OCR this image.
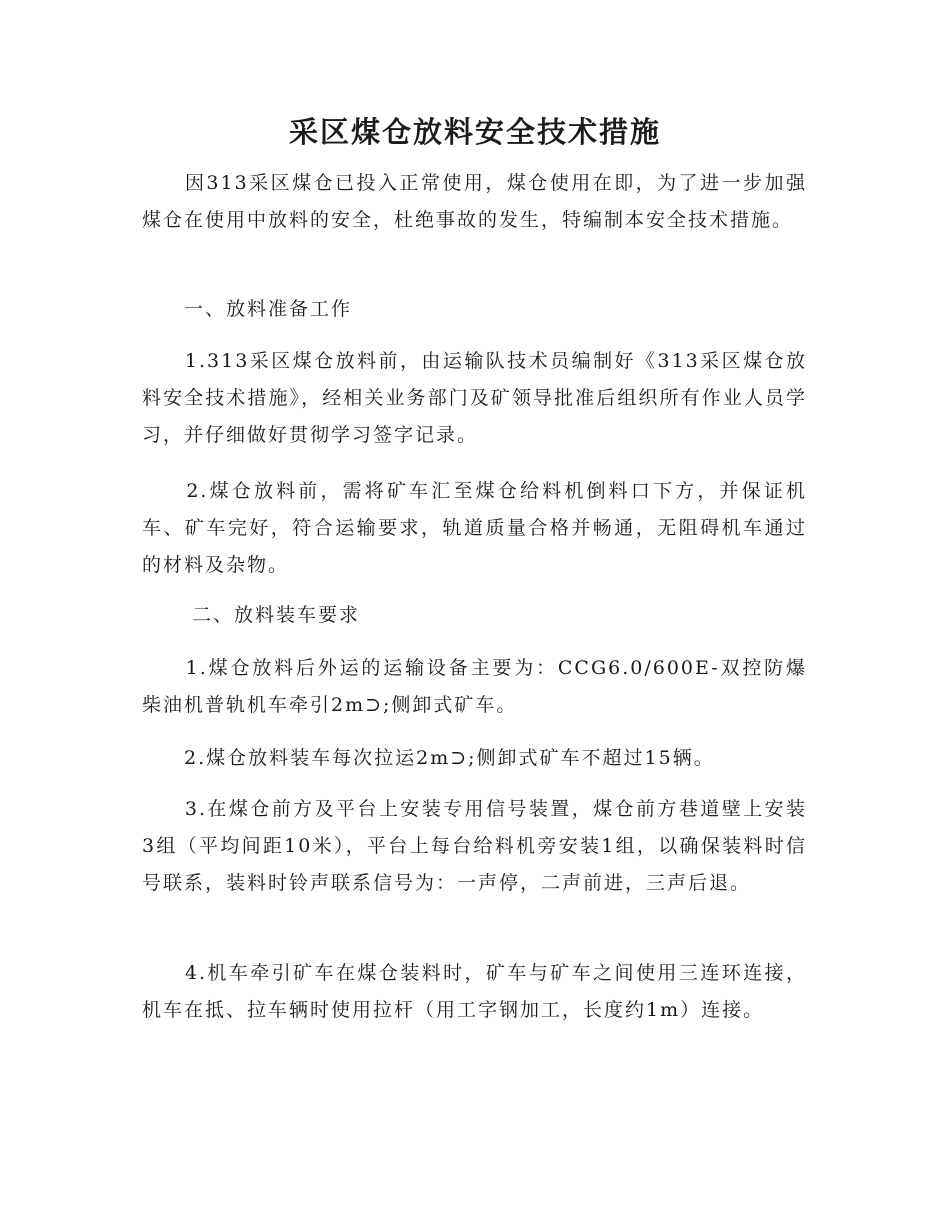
采区煤仓放料安全技术措施

　　因313采区煤仓已投入正常使用，煤仓使用在即，为了进一步加强煤仓在使用中放料的安全，杜绝事故的发生，特编制本安全技术措施。

　　一、放料准备工作

　　1.313采区煤仓放料前，由运输队技术员编制好《313采区煤仓放料安全技术措施》，经相关业务部门及矿领导批准后组织所有作业人员学习，并仔细做好贯彻学习签字记录。

　　2.煤仓放料前，需将矿车汇至煤仓给料机倒料口下方，并保证机车、矿车完好，符合运输要求，轨道质量合格并畅通，无阻碍机车通过的材料及杂物。

　　 二、放料装车要求

　　1.煤仓放料后外运的运输设备主要为：CCG6.0/600E-双控防爆柴油机普轨机车牵引2m⊃;侧卸式矿车。

　　2.煤仓放料装车每次拉运2m⊃;侧卸式矿车不超过15辆。

　　3.在煤仓前方及平台上安装专用信号装置，煤仓前方巷道壁上安装3组（平均间距10米），平台上每台给料机旁安装1组，以确保装料时信号联系，装料时铃声联系信号为：一声停，二声前进，三声后退。

　　4.机车牵引矿车在煤仓装料时，矿车与矿车之间使用三连环连接，机车在抵、拉车辆时使用拉杆（用工字钢加工，长度约1m）连接。
